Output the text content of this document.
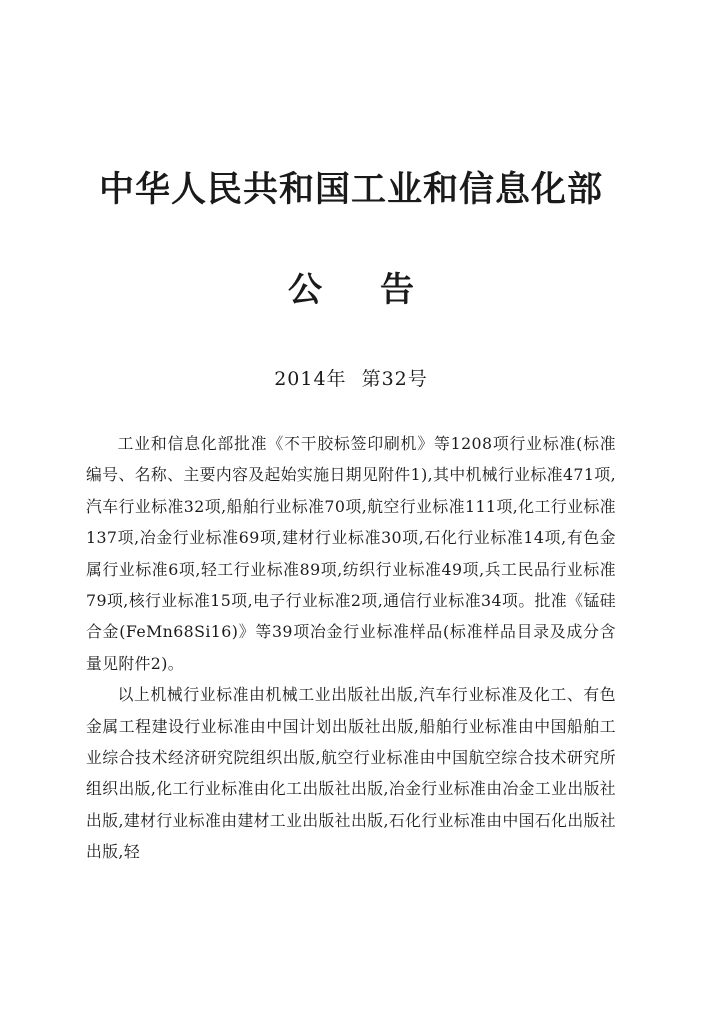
中华人民共和国工业和信息化部
公告
2014年 第32号

工业和信息化部批准《不干胶标签印刷机》等1208项行业标准(标准编号、名称、主要内容及起始实施日期见附件1),其中机械行业标准471项,汽车行业标准32项,船舶行业标准70项,航空行业标准111项,化工行业标准137项,冶金行业标准69项,建材行业标准30项,石化行业标准14项,有色金属行业标准6项,轻工行业标准89项,纺织行业标准49项,兵工民品行业标准79项,核行业标准15项,电子行业标准2项,通信行业标准34项。批准《锰硅合金(FeMn68Si16)》等39项冶金行业标准样品(标准样品目录及成分含量见附件2)。

以上机械行业标准由机械工业出版社出版,汽车行业标准及化工、有色金属工程建设行业标准由中国计划出版社出版,船舶行业标准由中国船舶工业综合技术经济研究院组织出版,航空行业标准由中国航空综合技术研究所组织出版,化工行业标准由化工出版社出版,冶金行业标准由冶金工业出版社出版,建材行业标准由建材工业出版社出版,石化行业标准由中国石化出版社出版,轻
